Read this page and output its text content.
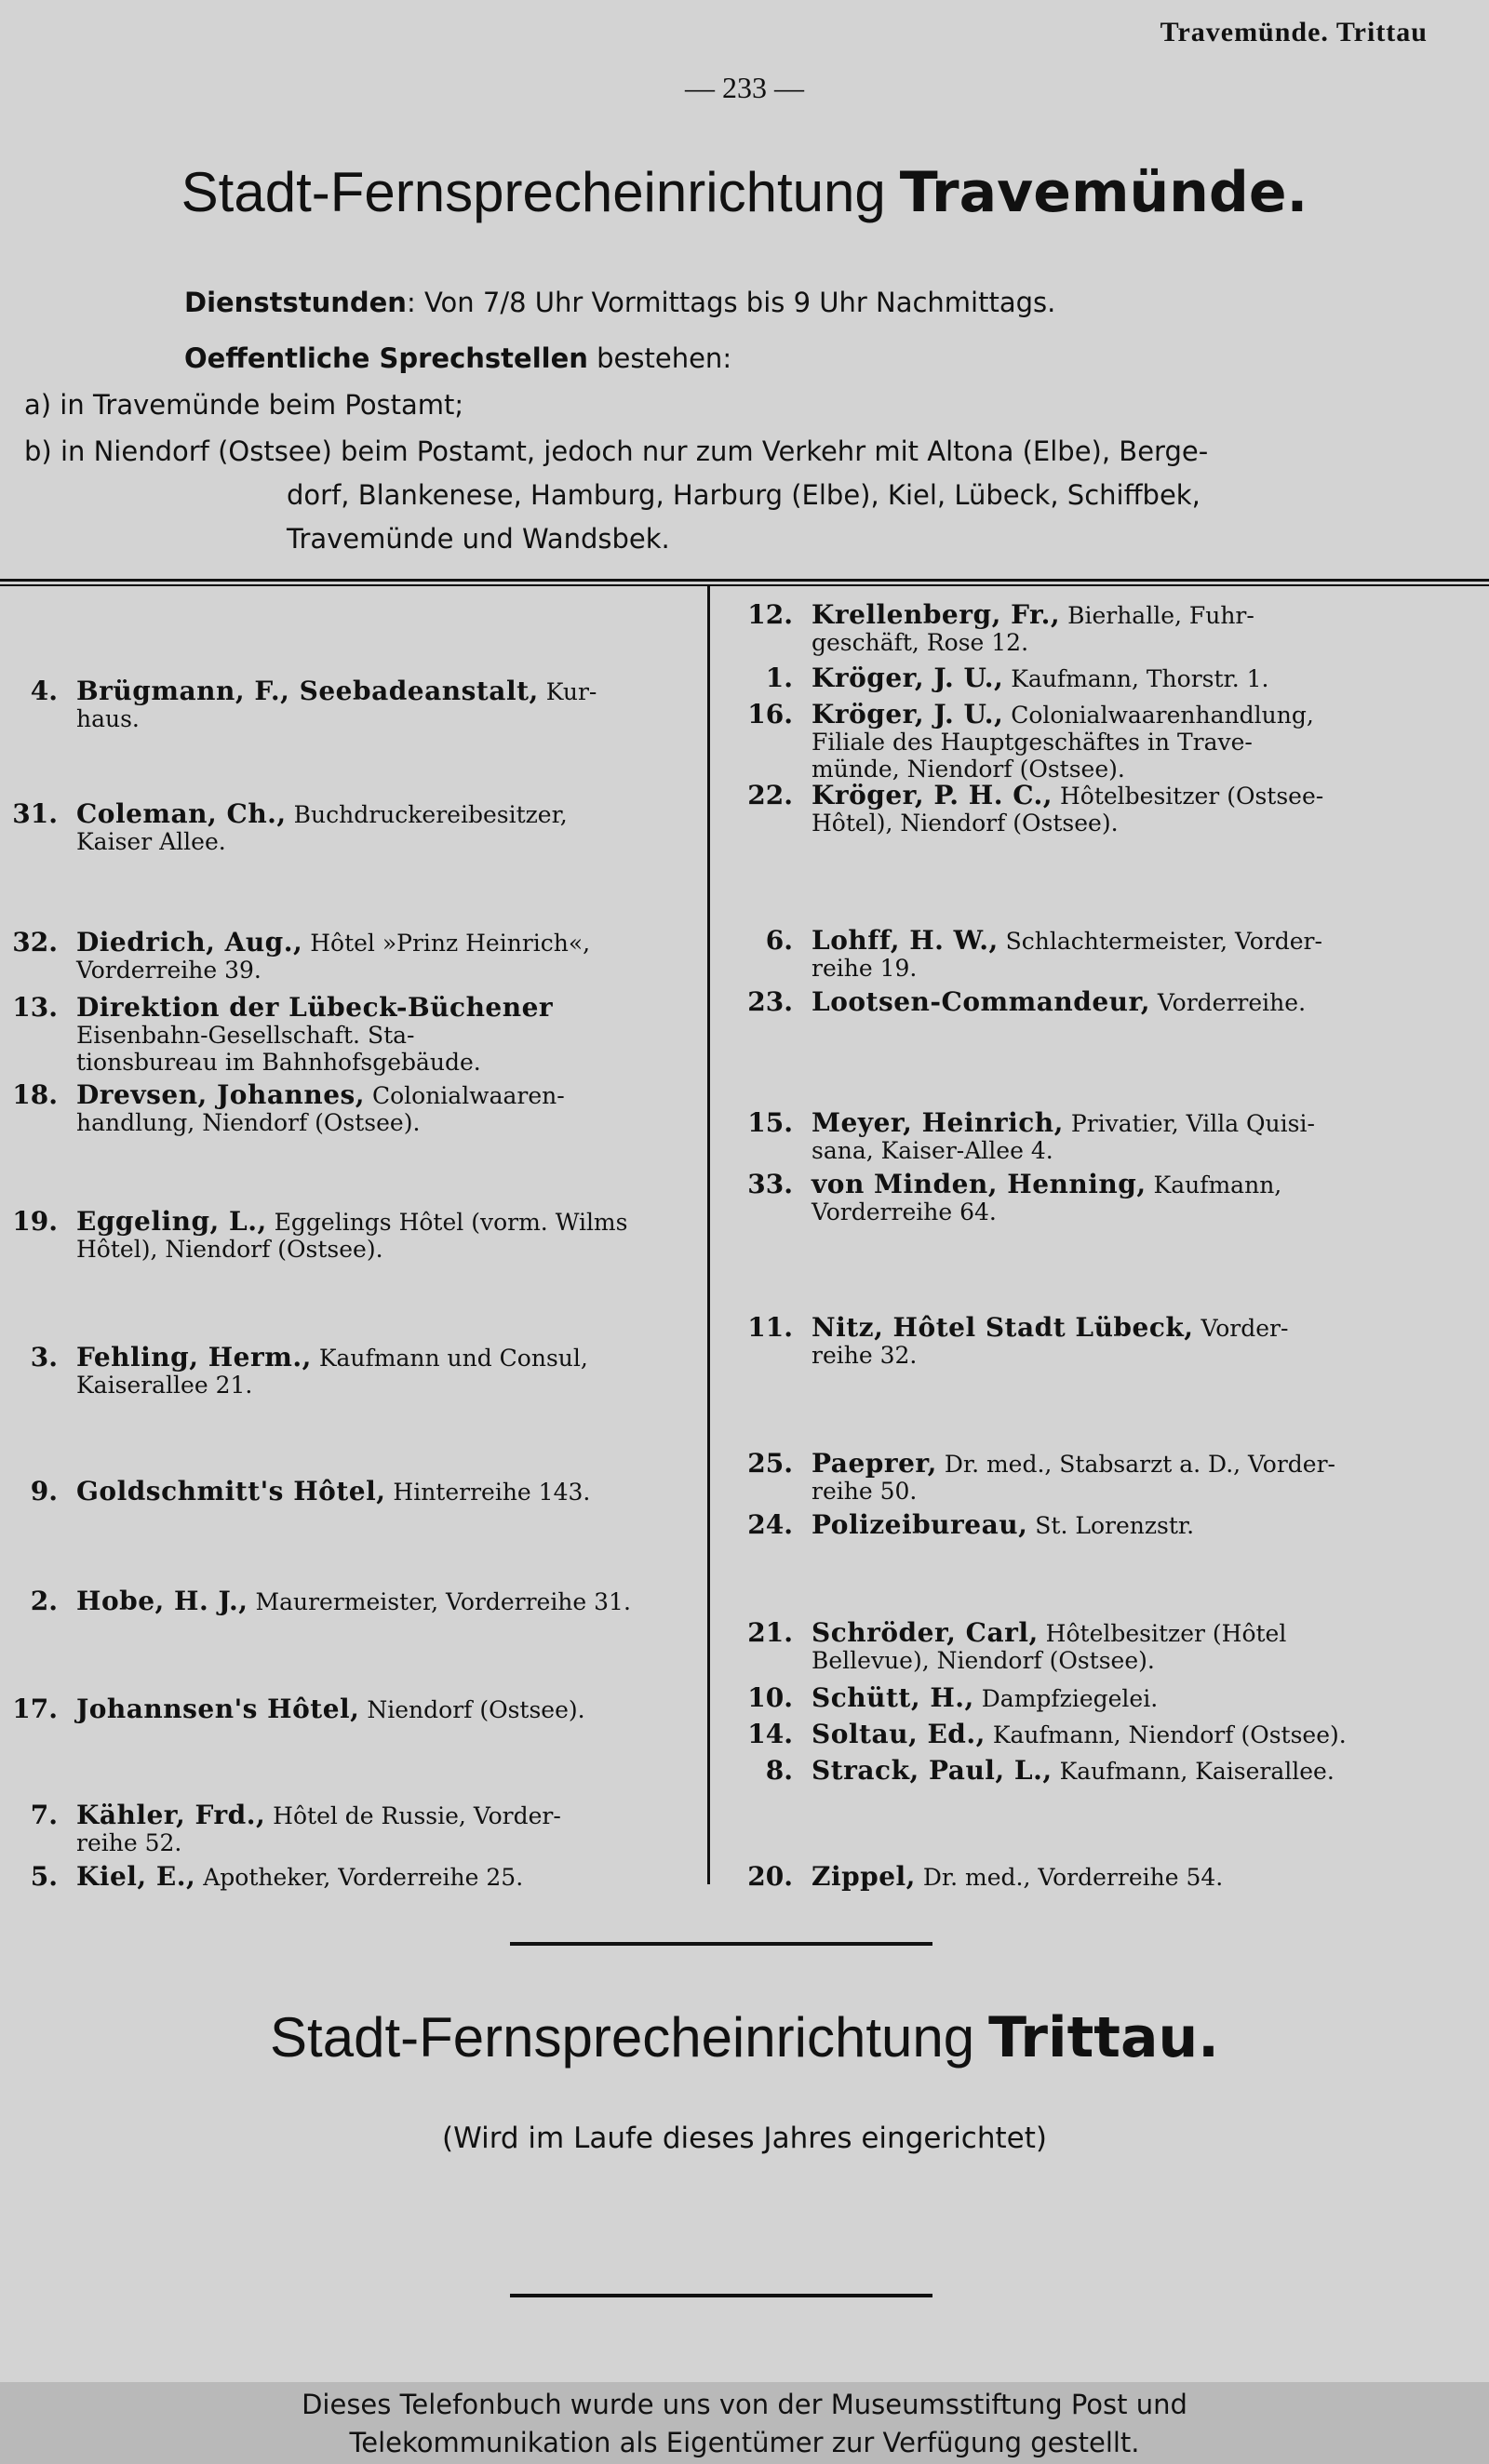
Travemünde. Trittau
— 233 —
Stadt-Fernsprecheinrichtung Travemünde.
Dienststunden: Von 7/8 Uhr Vormittags bis 9 Uhr Nachmittags.
Oeffentliche Sprechstellen bestehen:
a) in Travemünde beim Postamt;
b) in Niendorf (Ostsee) beim Postamt, jedoch nur zum Verkehr mit Altona (Elbe), Berge-
dorf, Blankenese, Hamburg, Harburg (Elbe), Kiel, Lübeck, Schiffbek,
Travemünde und Wandsbek.
4. Brügmann, F., Seebadeanstalt, Kur-
haus.
31. Coleman, Ch., Buchdruckereibesitzer,
Kaiser Allee.
32. Diedrich, Aug., Hôtel »Prinz Heinrich«,
Vorderreihe 39.
13. Direktion der Lübeck-Büchener
Eisenbahn-Gesellschaft. Sta-
tionsbureau im Bahnhofsgebäude.
18. Drevsen, Johannes, Colonialwaaren-
handlung, Niendorf (Ostsee).
19. Eggeling, L., Eggelings Hôtel (vorm. Wilms
Hôtel), Niendorf (Ostsee).
3. Fehling, Herm., Kaufmann und Consul,
Kaiserallee 21.
9. Goldschmitt's Hôtel, Hinterreihe 143.
2. Hobe, H. J., Maurermeister, Vorderreihe 31.
17. Johannsen's Hôtel, Niendorf (Ostsee).
7. Kähler, Frd., Hôtel de Russie, Vorder-
reihe 52.
5. Kiel, E., Apotheker, Vorderreihe 25.
12. Krellenberg, Fr., Bierhalle, Fuhr-
geschäft, Rose 12.
1. Kröger, J. U., Kaufmann, Thorstr. 1.
16. Kröger, J. U., Colonialwaarenhandlung,
Filiale des Hauptgeschäftes in Trave-
münde, Niendorf (Ostsee).
22. Kröger, P. H. C., Hôtelbesitzer (Ostsee-
Hôtel), Niendorf (Ostsee).
6. Lohff, H. W., Schlachtermeister, Vorder-
reihe 19.
23. Lootsen-Commandeur, Vorderreihe.
15. Meyer, Heinrich, Privatier, Villa Quisi-
sana, Kaiser-Allee 4.
33. von Minden, Henning, Kaufmann,
Vorderreihe 64.
11. Nitz, Hôtel Stadt Lübeck, Vorder-
reihe 32.
25. Paeprer, Dr. med., Stabsarzt a. D., Vorder-
reihe 50.
24. Polizeibureau, St. Lorenzstr.
21. Schröder, Carl, Hôtelbesitzer (Hôtel
Bellevue), Niendorf (Ostsee).
10. Schütt, H., Dampfziegelei.
14. Soltau, Ed., Kaufmann, Niendorf (Ostsee).
8. Strack, Paul, L., Kaufmann, Kaiserallee.
20. Zippel, Dr. med., Vorderreihe 54.
Stadt-Fernsprecheinrichtung Trittau.
(Wird im Laufe dieses Jahres eingerichtet)
Dieses Telefonbuch wurde uns von der Museumsstiftung Post und
Telekommunikation als Eigentümer zur Verfügung gestellt.
